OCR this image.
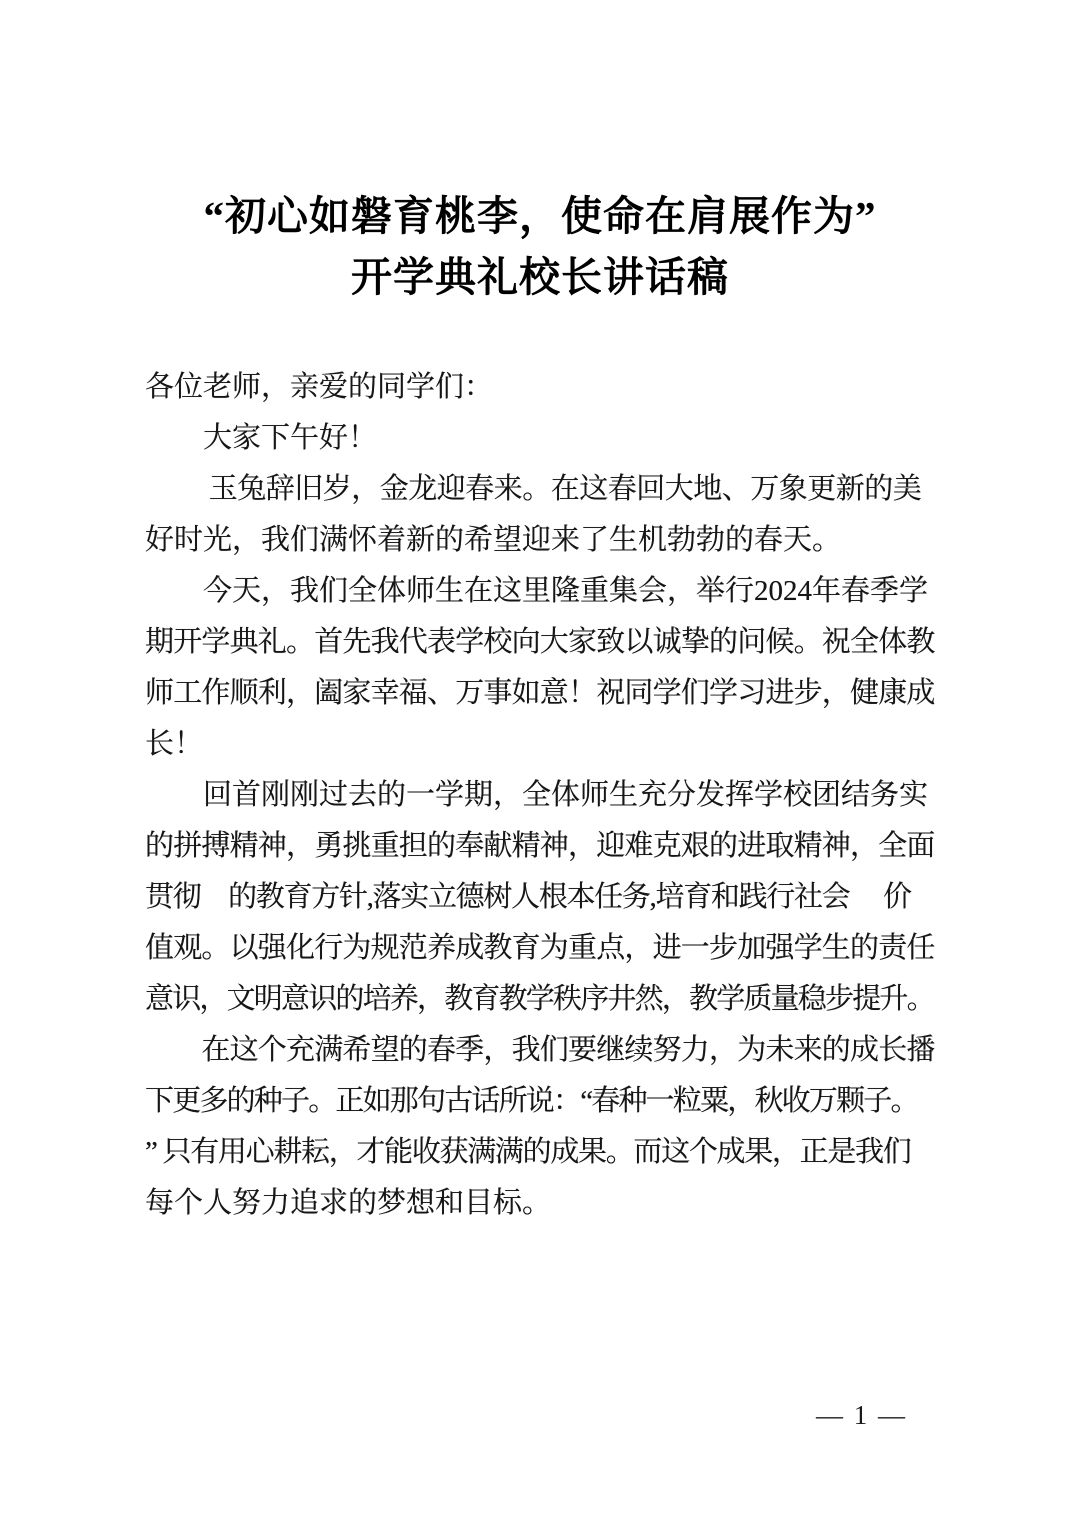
“初心如磐育桃李，使命在肩展作为”
开学典礼校长讲话稿
各位老师，亲爱的同学们：
　　大家下午好！
　　 玉兔辞旧岁，金龙迎春来。在这春回大地、万象更新的美
好时光，我们满怀着新的希望迎来了生机勃勃的春天。
　　今天，我们全体师生在这里隆重集会，举行2024年春季学
期开学典礼。首先我代表学校向大家致以诚挚的问候。祝全体教
师工作顺利，阖家幸福、万事如意！祝同学们学习进步，健康成
长！
　　回首刚刚过去的一学期，全体师生充分发挥学校团结务实
的拼搏精神，勇挑重担的奉献精神，迎难克艰的进取精神，全面
贯彻　的教育方针,落实立德树人根本任务,培育和践行社会　 价
值观。以强化行为规范养成教育为重点，进一步加强学生的责任
意识，文明意识的培养，教育教学秩序井然，教学质量稳步提升。
　　在这个充满希望的春季，我们要继续努力，为未来的成长播
下更多的种子。正如那句古话所说：“春种一粒粟，秋收万颗子。
” 只有用心耕耘，才能收获满满的成果。而这个成果，正是我们
每个人努力追求的梦想和目标。
— 1 —
